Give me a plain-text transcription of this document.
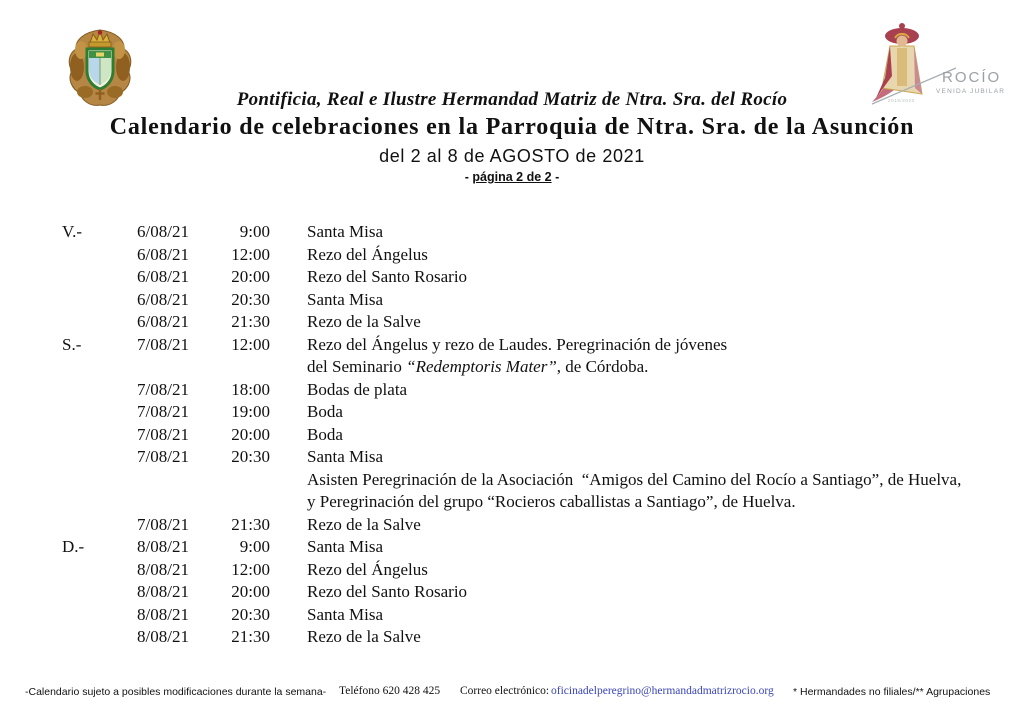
ROCÍO
VENIDA JUBILAR
2019/2020
Pontificia, Real e Ilustre Hermandad Matriz de Ntra. Sra. del Rocío
Calendario de celebraciones en la Parroquia de Ntra. Sra. de la Asunción
del 2 al 8 de AGOSTO de 2021
- página 2 de 2 -
V.-	6/08/21	9:00	Santa Misa
6/08/21	12:00	Rezo del Ángelus
6/08/21	20:00	Rezo del Santo Rosario
6/08/21	20:30	Santa Misa
6/08/21	21:30	Rezo de la Salve
S.-	7/08/21	12:00	Rezo del Ángelus y rezo de Laudes. Peregrinación de jóvenes
del Seminario “Redemptoris Mater”, de Córdoba.
7/08/21	18:00	Bodas de plata
7/08/21	19:00	Boda
7/08/21	20:00	Boda
7/08/21	20:30	Santa Misa
Asisten Peregrinación de la Asociación  “Amigos del Camino del Rocío a Santiago”, de Huelva,
y Peregrinación del grupo “Rocieros caballistas a Santiago”, de Huelva.
7/08/21	21:30	Rezo de la Salve
D.-	8/08/21	9:00	Santa Misa
8/08/21	12:00	Rezo del Ángelus
8/08/21	20:00	Rezo del Santo Rosario
8/08/21	20:30	Santa Misa
8/08/21	21:30	Rezo de la Salve
-Calendario sujeto a posibles modificaciones durante la semana- Teléfono 620 428 425 Correo electrónico: oficinadelperegrino@hermandadmatrizrocio.org * Hermandades no filiales/** Agrupaciones
